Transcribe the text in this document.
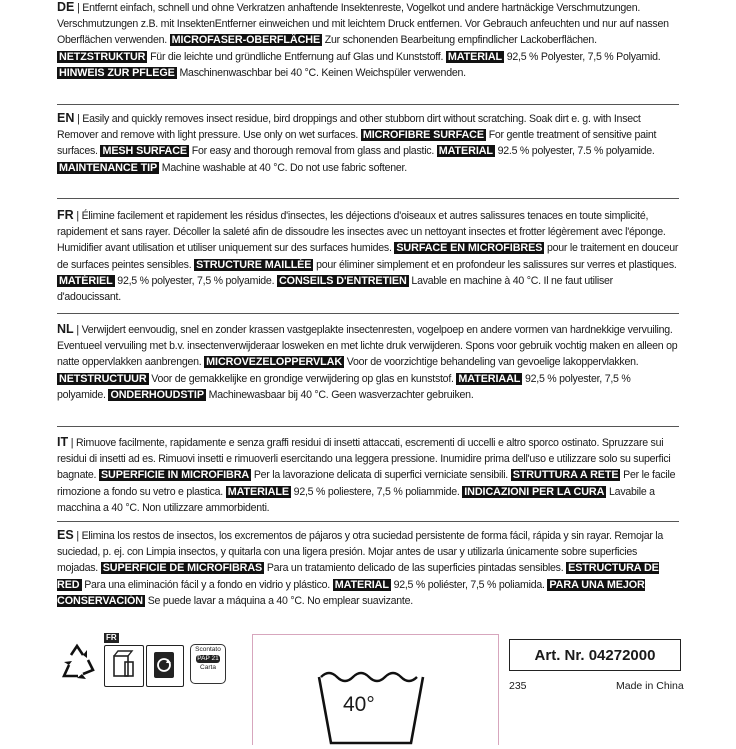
DE | Entfernt einfach, schnell und ohne Verkratzen anhaftende Insektenreste, Vogelkot und andere hartnäckige Verschmutzungen. Verschmutzungen z.B. mit InsektenEntferner einweichen und mit leichtem Druck entfernen. Vor Gebrauch anfeuchten und nur auf nassen Oberflächen verwenden. MICROFASER-OBERFLÄCHE Zur schonenden Bearbeitung empfindlicher Lackoberflächen. NETZSTRUKTUR Für die leichte und gründliche Entfernung auf Glas und Kunststoff. MATERIAL 92,5 % Polyester, 7,5 % Polyamid. HINWEIS ZUR PFLEGE Maschinenwaschbar bei 40 °C. Keinen Weichspüler verwenden.

EN | Easily and quickly removes insect residue, bird droppings and other stubborn dirt without scratching. Soak dirt e. g. with Insect Remover and remove with light pressure. Use only on wet surfaces. MICROFIBRE SURFACE For gentle treatment of sensitive paint surfaces. MESH SURFACE For easy and thorough removal from glass and plastic. MATERIAL 92.5 % polyester, 7.5 % polyamide. MAINTENANCE TIP Machine washable at 40 °C. Do not use fabric softener.

FR | Élimine facilement et rapidement les résidus d'insectes, les déjections d'oiseaux et autres salissures tenaces en toute simplicité, rapidement et sans rayer. Décoller la saleté afin de dissoudre les insectes avec un nettoyant insectes et frotter légèrement avec l'éponge. Humidifier avant utilisation et utiliser uniquement sur des surfaces humides. SURFACE EN MICROFIBRES pour le traitement en douceur de surfaces peintes sensibles. STRUCTURE MAILLÉE pour éliminer simplement et en profondeur les salissures sur verres et plastiques. MATÉRIEL 92,5 % polyester, 7,5 % polyamide. CONSEILS D'ENTRETIEN Lavable en machine à 40 °C. Il ne faut utiliser d'adoucissant.

NL | Verwijdert eenvoudig, snel en zonder krassen vastgeplakte insectenresten, vogelpoep en andere vormen van hardnekkige vervuiling. Eventueel vervuiling met b.v. insectenverwijderaar losweken en met lichte druk verwijderen. Spons voor gebruik vochtig maken en alleen op natte oppervlakken aanbrengen. MICROVEZELOPPERVLAK Voor de voorzichtige behandeling van gevoelige lakoppervlakken. NETSTRUCTUUR Voor de gemakkelijke en grondige verwijdering op glas en kunststof. MATERIAAL 92,5 % polyester, 7,5 % polyamide. ONDERHOUDSTIP Machinewasbaar bij 40 °C. Geen wasverzachter gebruiken.

IT | Rimuove facilmente, rapidamente e senza graffi residui di insetti attaccati, escrementi di uccelli e altro sporco ostinato. Spruzzare sui residui di insetti ad es. Rimuovi insetti e rimuoverli esercitando una leggera pressione. Inumidire prima dell'uso e utilizzare solo su superfici bagnate. SUPERFICIE IN MICROFIBRA Per la lavorazione delicata di superfici verniciate sensibili. STRUTTURA A RETE Per le facile rimozione a fondo su vetro e plastica. MATERIALE 92,5 % poliestere, 7,5 % poliammide. INDICAZIONI PER LA CURA Lavabile a macchina a 40 °C. Non utilizzare ammorbidenti.

ES | Elimina los restos de insectos, los excrementos de pájaros y otra suciedad persistente de forma fácil, rápida y sin rayar. Remojar la suciedad, p. ej. con Limpia insectos, y quitarla con una ligera presión. Mojar antes de usar y utilizarla únicamente sobre superficies mojadas. SUPERFICIE DE MICROFIBRAS Para un tratamiento delicado de las superficies pintadas sensibles. ESTRUCTURA DE RED Para una eliminación fácil y a fondo en vidrio y plástico. MATERIAL 92,5 % poliéster, 7,5 % poliamida. PARA UNA MEJOR CONSERVACIÓN Se puede lavar a máquina a 40 °C. No emplear suavizante.

FR
Scontato
PAP 21
Carta
40°
Art. Nr. 04272000
235	Made in China
